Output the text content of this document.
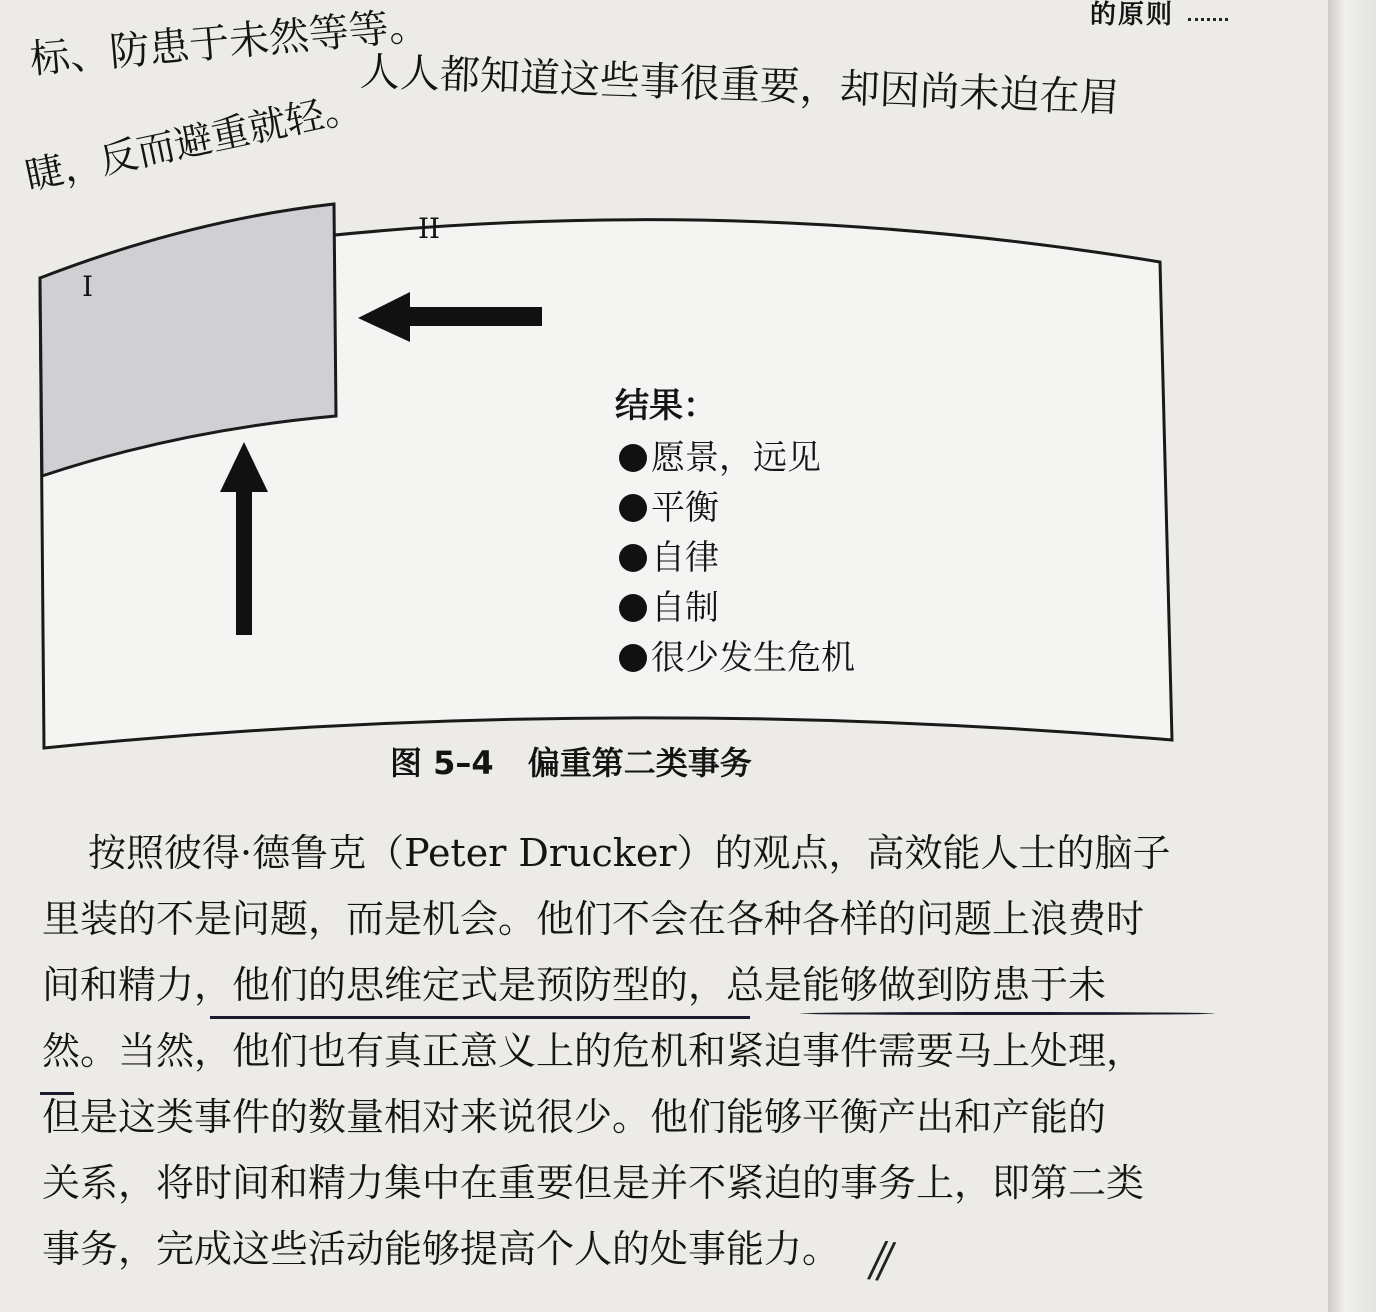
的原则
标、防患于未然等等。
人人都知道这些事很重要，却因尚未迫在眉
睫，反而避重就轻。
II
I
结果：
愿景，远见
平衡
自律
自制
很少发生危机
图 5–4 偏重第二类事务
按照彼得·德鲁克（Peter Drucker）的观点，高效能人士的脑子
里装的不是问题，而是机会。他们不会在各种各样的问题上浪费时
间和精力，他们的思维定式是预防型的，总是能够做到防患于未
然。当然，他们也有真正意义上的危机和紧迫事件需要马上处理，
但是这类事件的数量相对来说很少。他们能够平衡产出和产能的
关系，将时间和精力集中在重要但是并不紧迫的事务上，即第二类
事务，完成这些活动能够提高个人的处事能力。 ⫽
